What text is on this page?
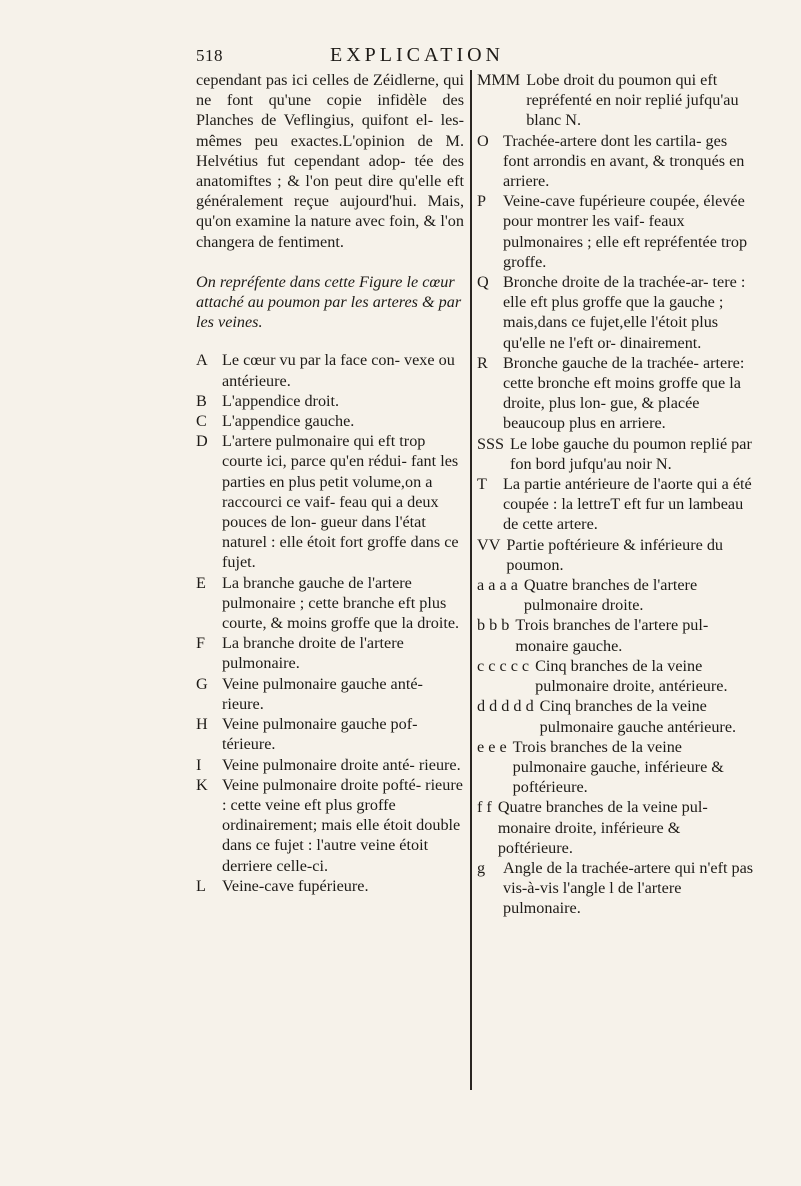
518	EXPLICATION

cependant pas ici celles de Zéidlerne, qui ne font qu'une copie infidèle des Planches de Veflingius, quifont el- les-mêmes peu exactes.L'opinion de M. Helvétius fut cependant adop- tée des anatomiftes ; & l'on peut dire qu'elle eft généralement reçue aujourd'hui. Mais, qu'on examine la nature avec foin, & l'on changera de fentiment.

On repréfente dans cette Figure le cœur attaché au poumon par les arteres & par les veines.

A Le cœur vu par la face con- vexe ou antérieure.
B L'appendice droit.
C L'appendice gauche.
D L'artere pulmonaire qui eft trop courte ici, parce qu'en rédui- fant les parties en plus petit volume,on a raccourci ce vaif- feau qui a deux pouces de lon- gueur dans l'état naturel : elle étoit fort groffe dans ce fujet.
E La branche gauche de l'artere pulmonaire ; cette branche eft plus courte, & moins groffe que la droite.
F	La branche droite de l'artere pulmonaire.
G Veine pulmonaire gauche anté- rieure.
H Veine pulmonaire gauche pof- térieure.
I	Veine pulmonaire droite anté- rieure.
K Veine pulmonaire droite pofté- rieure : cette veine eft plus groffe ordinairement; mais elle étoit double dans ce fujet : l'autre veine étoit derriere celle-ci.
L Veine-cave fupérieure.
MMM Lobe droit du poumon qui eft repréfenté en noir replié jufqu'au blanc N.
O Trachée-artere dont les cartila- ges font arrondis en avant, & tronqués en arriere.
P	Veine-cave fupérieure coupée, élevée pour montrer les vaif- feaux pulmonaires ; elle eft repréfentée trop groffe.
Q Bronche droite de la trachée-ar- tere : elle eft plus groffe que la gauche ; mais,dans ce fujet,elle l'étoit plus qu'elle ne l'eft or- dinairement.
R Bronche gauche de la trachée- artere: cette bronche eft moins groffe que la droite, plus lon- gue, & placée beaucoup plus en arriere.
SSS Le lobe gauche du poumon replié par fon bord jufqu'au noir N.
T La partie antérieure de l'aorte qui a été coupée : la lettreT eft fur un lambeau de cette artere.
VV Partie poftérieure & inférieure du poumon.
a a a a Quatre branches de l'artere pulmonaire droite.
b b b Trois branches de l'artere pul- monaire gauche.
c c c c c Cinq branches de la veine pulmonaire droite, antérieure.
d d d d d Cinq branches de la veine pulmonaire gauche antérieure.
e e e Trois branches de la veine pulmonaire gauche, inférieure & poftérieure.
f f Quatre branches de la veine pul- monaire droite, inférieure & poftérieure.
g	Angle de la trachée-artere qui n'eft pas vis-à-vis l'angle l de l'artere pulmonaire.
